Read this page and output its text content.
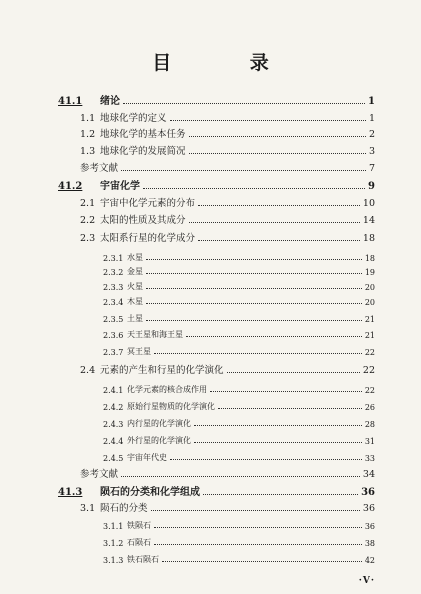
目 录
41.1	绪论	1
1.1 地球化学的定义	1
1.2 地球化学的基本任务	2
1.3 地球化学的发展简况	3
参考文献	7
41.2	宇宙化学	9
2.1 宇宙中化学元素的分布	10
2.2 太阳的性质及其成分	14
2.3 太阳系行星的化学成分	18
2.3.1 水星	18
2.3.2 金星	19
2.3.3 火星	20
2.3.4 木星	20
2.3.5 土星	21
2.3.6 天王星和海王星	21
2.3.7 冥王星	22
2.4 元素的产生和行星的化学演化	22
2.4.1 化学元素的核合成作用	22
2.4.2 原始行星物质的化学演化	26
2.4.3 内行星的化学演化	28
2.4.4 外行星的化学演化	31
2.4.5 宇宙年代史	33
参考文献	34
41.3	陨石的分类和化学组成	36
3.1 陨石的分类	36
3.1.1 铁陨石	36
3.1.2 石陨石	38
3.1.3 铁石陨石	42
·Ⅴ·
